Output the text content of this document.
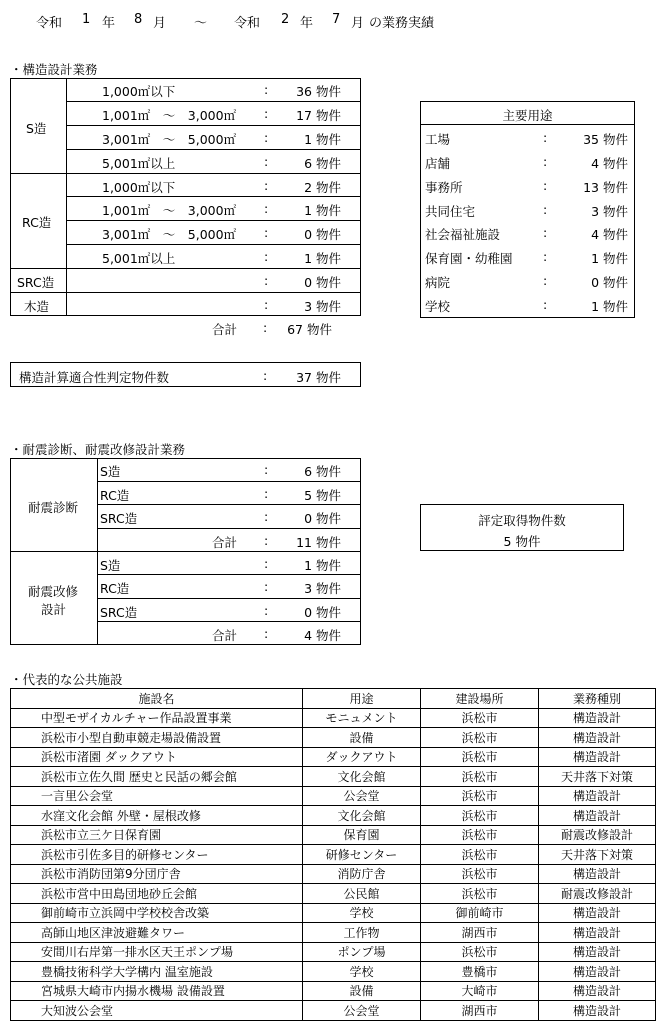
令和 1 年 8 月 ～ 令和 2 年 7 月 の業務実績
・構造設計業務
S造
1,000㎡以下	: 36 物件
1,001㎡　～　3,000㎡ : 17 物件
3,001㎡　～　5,000㎡ :	1 物件
5,001㎡以上	:	6 物件
RC造
1,000㎡以下	:	2 物件
1,001㎡　～　3,000㎡ :	1 物件
3,001㎡　～　5,000㎡ :	0 物件
5,001㎡以上	:	1 物件
SRC造	:	0 物件
木造	:	3 物件
合計 :	67 物件
構造計算適合性判定物件数	: 37 物件
主要用途
工場	:	35 物件
店舗	:	4 物件
事務所	:	13 物件
共同住宅	:	3 物件
社会福祉施設	:	4 物件
保育園・幼稚園 :	1 物件
病院	:	0 物件
学校	:	1 物件
・耐震診断、耐震改修設計業務
耐震診断
S造	:	6 物件
RC造	:	5 物件
SRC造	:	0 物件
合計 : 11 物件
耐震改修
設計
S造	:	1 物件
RC造	:	3 物件
SRC造	:	0 物件
合計 :	4 物件
評定取得物件数
5 物件
・代表的な公共施設
施設名	用途	建設場所	業務種別
中型モザイカルチャー作品設置事業	モニュメント	浜松市	構造設計
浜松市小型自動車競走場設備設置	設備	浜松市	構造設計
浜松市渚園 ダックアウト	ダックアウト	浜松市	構造設計
浜松市立佐久間 歴史と民話の郷会館	文化会館	浜松市	天井落下対策
一言里公会堂	公会堂	浜松市	構造設計
水窪文化会館 外壁・屋根改修	文化会館	浜松市	構造設計
浜松市立三ケ日保育園	保育園	浜松市	耐震改修設計
浜松市引佐多目的研修センター	研修センター	浜松市	天井落下対策
浜松市消防団第9分団庁舎	消防庁舎	浜松市	構造設計
浜松市営中田島団地砂丘会館	公民館	浜松市	耐震改修設計
御前崎市立浜岡中学校校舎改築	学校	御前崎市	構造設計
高師山地区津波避難タワー	工作物	湖西市	構造設計
安間川右岸第一排水区天王ポンプ場	ポンプ場	浜松市	構造設計
豊橋技術科学大学構内 温室施設	学校	豊橋市	構造設計
宮城県大崎市内揚水機場 設備設置	設備	大崎市	構造設計
大知波公会堂	公会堂	湖西市	構造設計
